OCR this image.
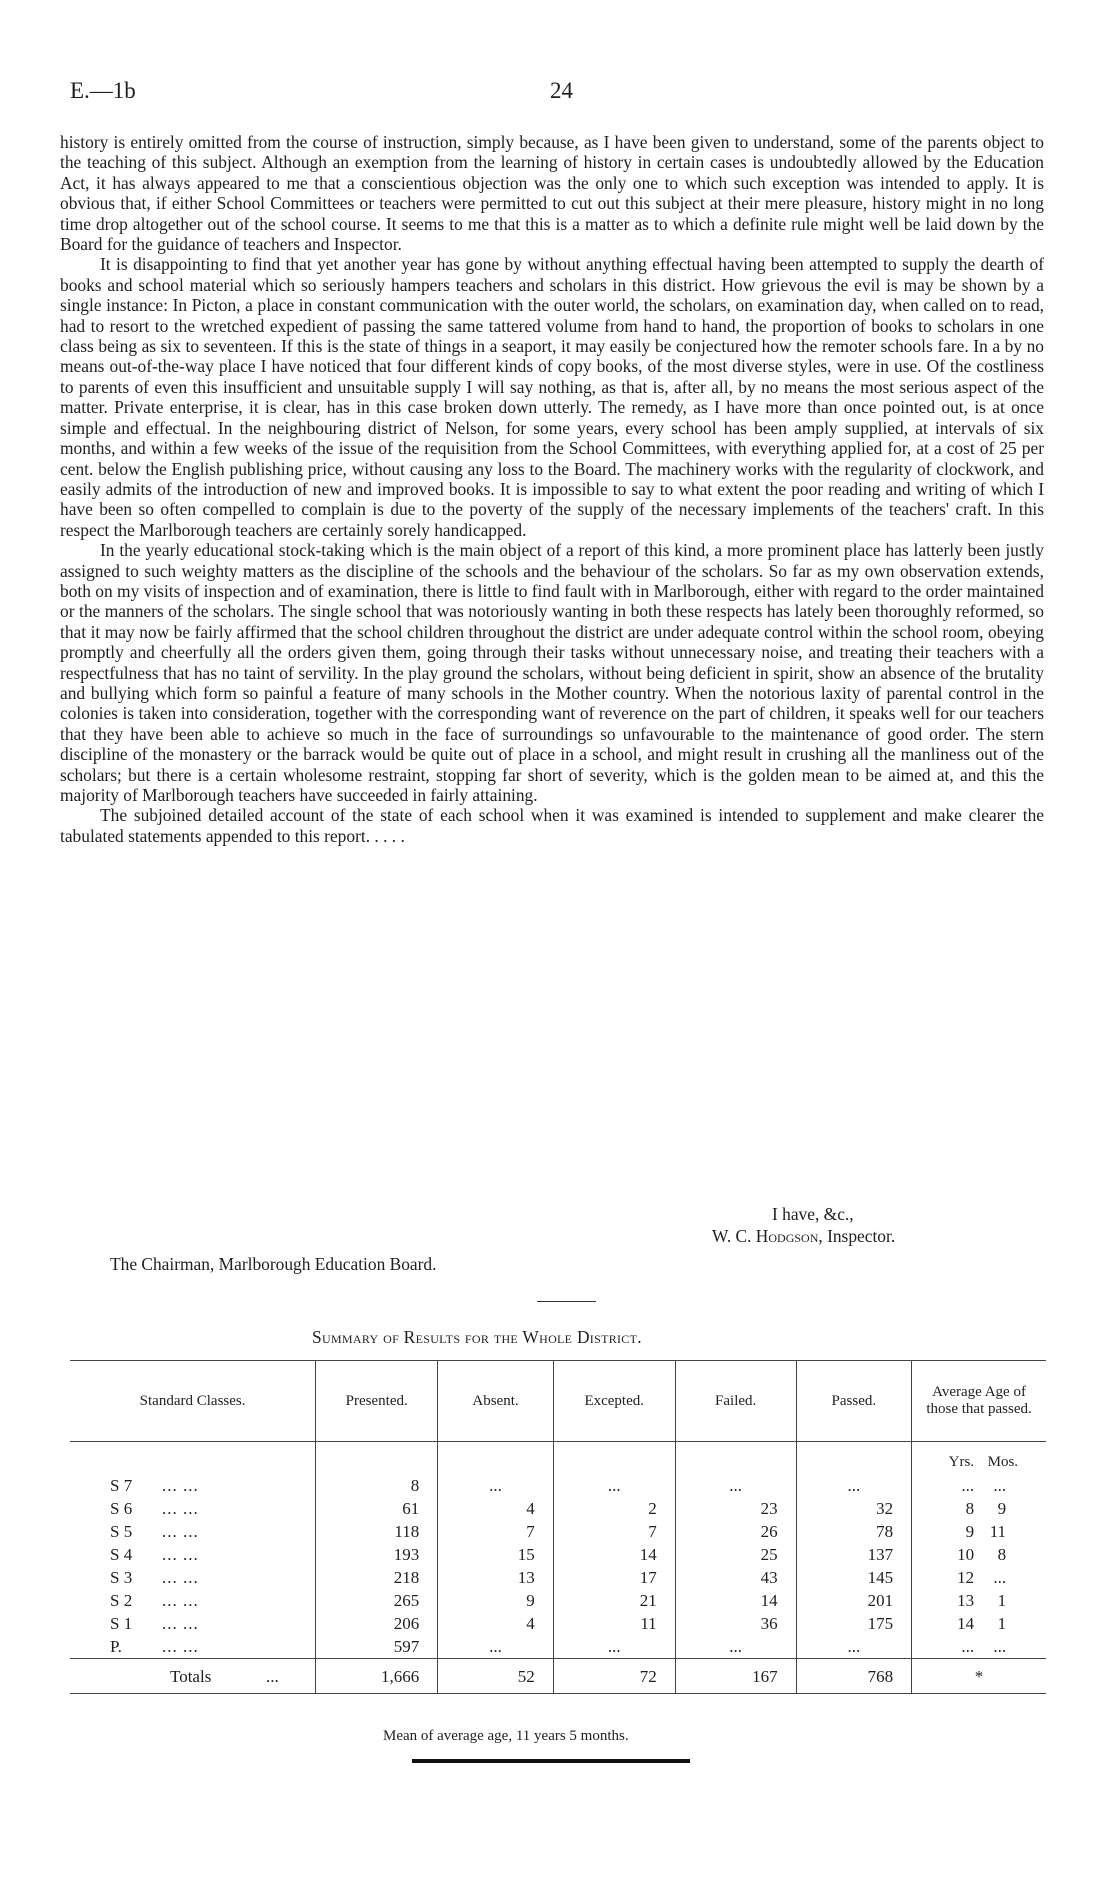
E.—1b	24

history is entirely omitted from the course of instruction, simply because, as I have been given to understand, some of the parents object to the teaching of this subject. Although an exemption from the learning of history in certain cases is undoubtedly allowed by the Education Act, it has always appeared to me that a conscientious objection was the only one to which such exception was intended to apply. It is obvious that, if either School Committees or teachers were permitted to cut out this subject at their mere pleasure, history might in no long time drop altogether out of the school course. It seems to me that this is a matter as to which a definite rule might well be laid down by the Board for the guidance of teachers and Inspector.

It is disappointing to find that yet another year has gone by without anything effectual having been attempted to supply the dearth of books and school material which so seriously hampers teachers and scholars in this district. How grievous the evil is may be shown by a single instance: In Picton, a place in constant communication with the outer world, the scholars, on examination day, when called on to read, had to resort to the wretched expedient of passing the same tattered volume from hand to hand, the proportion of books to scholars in one class being as six to seventeen. If this is the state of things in a seaport, it may easily be conjectured how the remoter schools fare. In a by no means out-of-the-way place I have noticed that four different kinds of copy books, of the most diverse styles, were in use. Of the costliness to parents of even this insufficient and unsuitable supply I will say nothing, as that is, after all, by no means the most serious aspect of the matter. Private enterprise, it is clear, has in this case broken down utterly. The remedy, as I have more than once pointed out, is at once simple and effectual. In the neighbouring district of Nelson, for some years, every school has been amply supplied, at intervals of six months, and within a few weeks of the issue of the requisition from the School Committees, with everything applied for, at a cost of 25 per cent. below the English publishing price, without causing any loss to the Board. The machinery works with the regularity of clockwork, and easily admits of the introduction of new and improved books. It is impossible to say to what extent the poor reading and writing of which I have been so often compelled to complain is due to the poverty of the supply of the necessary implements of the teachers' craft. In this respect the Marlborough teachers are certainly sorely handicapped.

In the yearly educational stock-taking which is the main object of a report of this kind, a more prominent place has latterly been justly assigned to such weighty matters as the discipline of the schools and the behaviour of the scholars. So far as my own observation extends, both on my visits of inspection and of examination, there is little to find fault with in Marlborough, either with regard to the order maintained or the manners of the scholars. The single school that was notoriously wanting in both these respects has lately been thoroughly reformed, so that it may now be fairly affirmed that the school children throughout the district are under adequate control within the school room, obeying promptly and cheerfully all the orders given them, going through their tasks without unnecessary noise, and treating their teachers with a respectfulness that has no taint of servility. In the play ground the scholars, without being deficient in spirit, show an absence of the brutality and bullying which form so painful a feature of many schools in the Mother country. When the notorious laxity of parental control in the colonies is taken into consideration, together with the corresponding want of reverence on the part of children, it speaks well for our teachers that they have been able to achieve so much in the face of surroundings so unfavourable to the maintenance of good order. The stern discipline of the monastery or the barrack would be quite out of place in a school, and might result in crushing all the manliness out of the scholars; but there is a certain wholesome restraint, stopping far short of severity, which is the golden mean to be aimed at, and this the majority of Marlborough teachers have succeeded in fairly attaining.

The subjoined detailed account of the state of each school when it was examined is intended to supplement and make clearer the tabulated statements appended to this report. . . . .

I have, &c.,
W. C. Hodgson, Inspector.
The Chairman, Marlborough Education Board.
Summary of Results for the Whole District.
Standard Classes.	Presented.	Absent.	Excepted.	Failed.	Passed.	Average Age of those that passed.
						Yrs. Mos.
S 7 ... ...	8	...	...	...	...	... ...
S 6 ... ...	61	4	2	23	32	8 9
S 5 ... ...	118	7	7	26	78	9 11
S 4 ... ...	193	15	14	25	137	10 8
S 3 ... ...	218	13	17	43	145	12 ...
S 2 ... ...	265	9	21	14	201	13 1
S 1 ... ...	206	4	11	36	175	14 1
P. ... ...	597	...	...	...	...	... ...
Totals ...	1,666	52	72	167	768	*
Mean of average age, 11 years 5 months.
